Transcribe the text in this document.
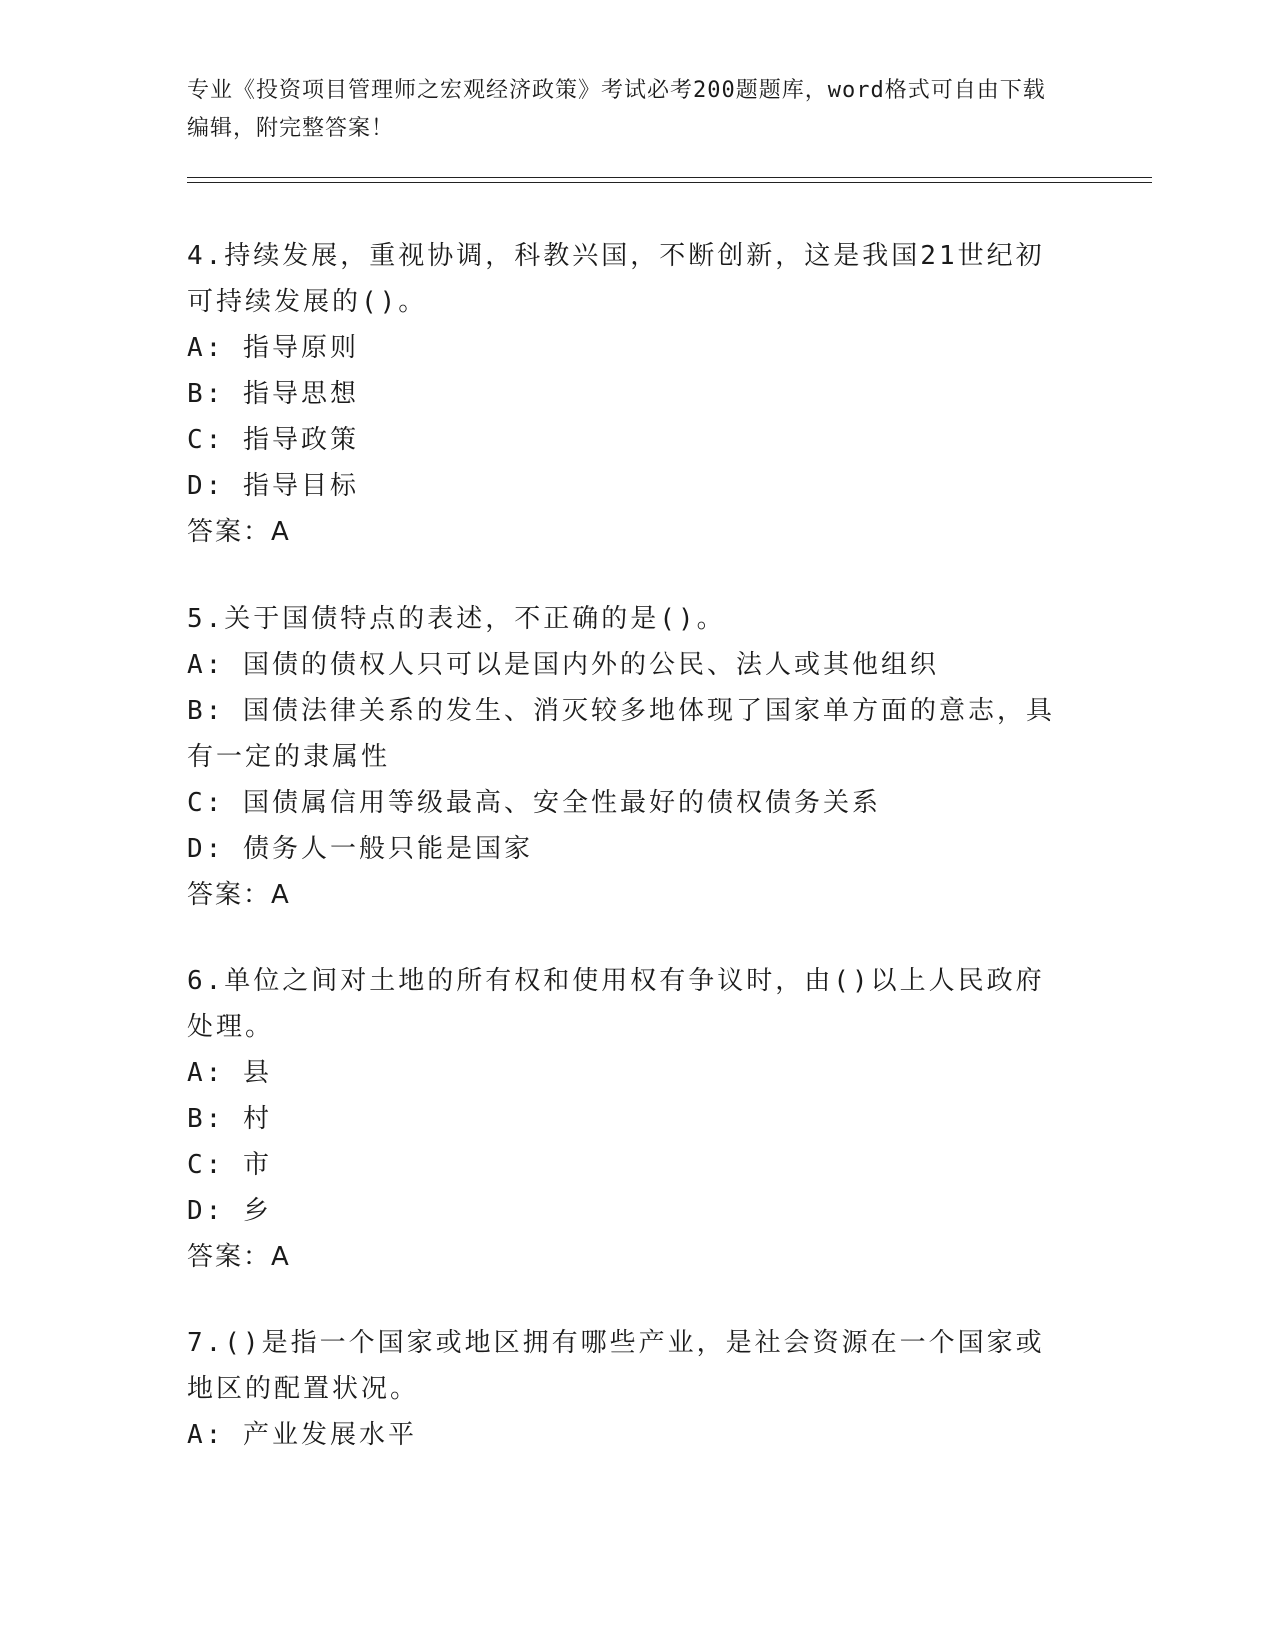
专业《投资项目管理师之宏观经济政策》考试必考200题题库，word格式可自由下载编辑，附完整答案！
4.持续发展，重视协调，科教兴国，不断创新，这是我国21世纪初可持续发展的()。
A: 指导原则
B: 指导思想
C: 指导政策
D: 指导目标
答案：A
5.关于国债特点的表述，不正确的是()。
A: 国债的债权人只可以是国内外的公民、法人或其他组织
B: 国债法律关系的发生、消灭较多地体现了国家单方面的意志，具有一定的隶属性
C: 国债属信用等级最高、安全性最好的债权债务关系
D: 债务人一般只能是国家
答案：A
6.单位之间对土地的所有权和使用权有争议时，由()以上人民政府处理。
A: 县
B: 村
C: 市
D: 乡
答案：A
7.()是指一个国家或地区拥有哪些产业，是社会资源在一个国家或地区的配置状况。
A: 产业发展水平
